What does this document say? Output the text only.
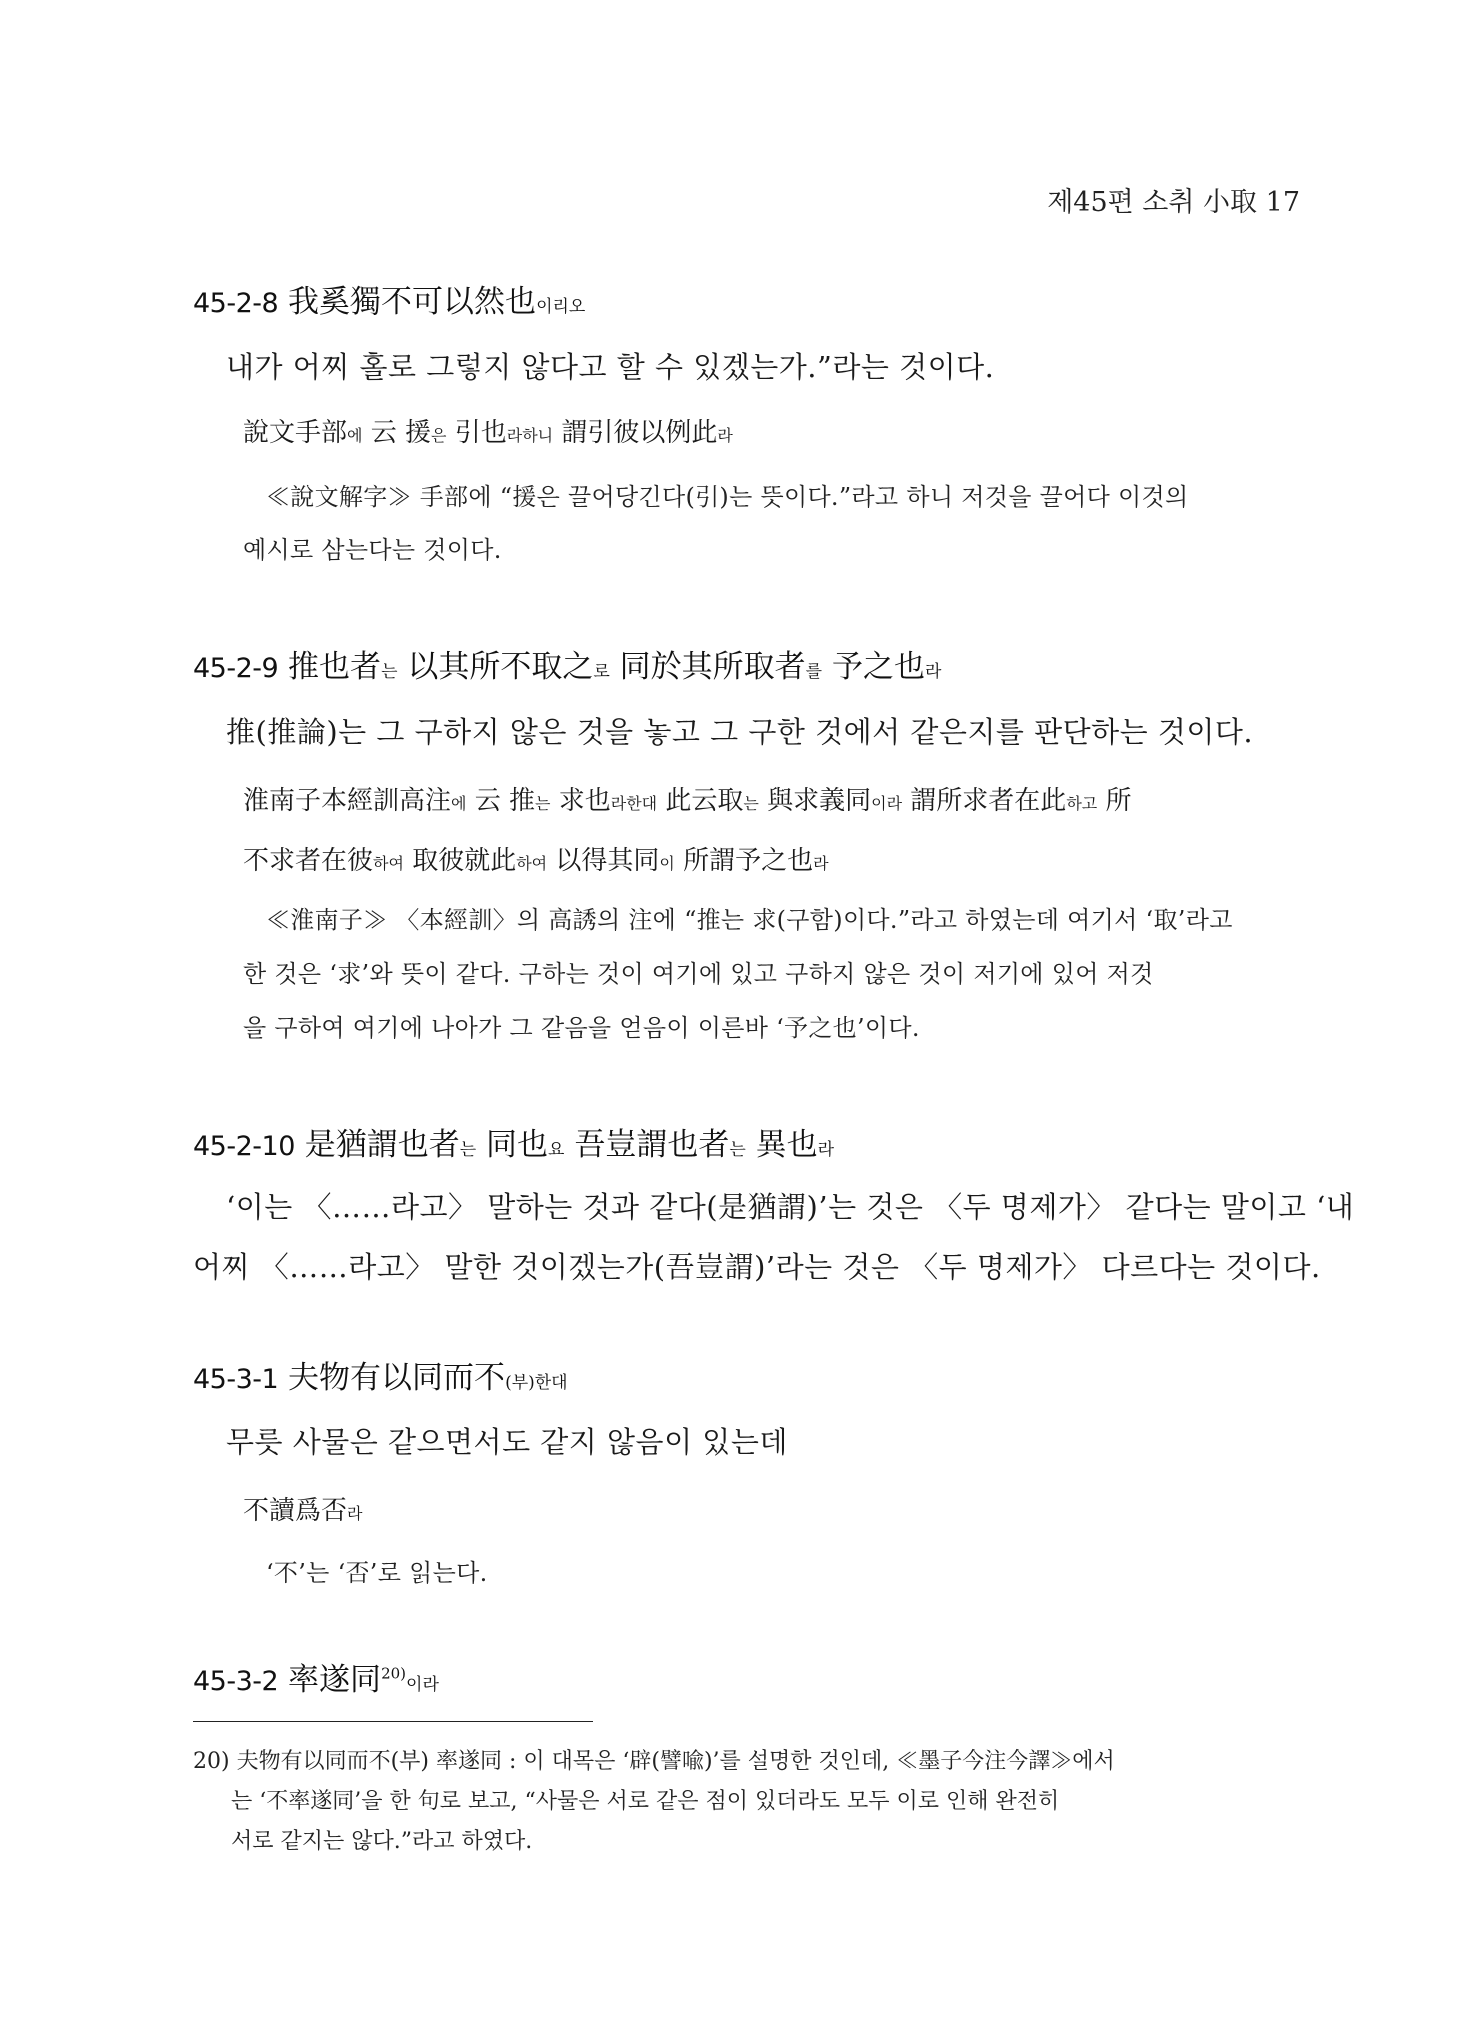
제45편 소취 小取 17
45-2-8 我奚獨不可以然也이리오
내가 어찌 홀로 그렇지 않다고 할 수 있겠는가.”라는 것이다.
說文手部에 云 援은 引也라하니 謂引彼以例此라
≪說文解字≫ 手部에 “援은 끌어당긴다(引)는 뜻이다.”라고 하니 저것을 끌어다 이것의
예시로 삼는다는 것이다.
45-2-9 推也者는 以其所不取之로 同於其所取者를 予之也라
推(推論)는 그 구하지 않은 것을 놓고 그 구한 것에서 같은지를 판단하는 것이다.
淮南子本經訓高注에 云 推는 求也라한대 此云取는 與求義同이라 謂所求者在此하고 所
不求者在彼하여 取彼就此하여 以得其同이 所謂予之也라
≪淮南子≫ 〈本經訓〉의 高誘의 注에 “推는 求(구함)이다.”라고 하였는데 여기서 ‘取’라고
한 것은 ‘求’와 뜻이 같다. 구하는 것이 여기에 있고 구하지 않은 것이 저기에 있어 저것
을 구하여 여기에 나아가 그 같음을 얻음이 이른바 ‘予之也’이다.
45-2-10 是猶謂也者는 同也요 吾豈謂也者는 異也라
‘이는 〈……라고〉 말하는 것과 같다(是猶謂)’는 것은 〈두 명제가〉 같다는 말이고 ‘내
어찌 〈……라고〉 말한 것이겠는가(吾豈謂)’라는 것은 〈두 명제가〉 다르다는 것이다.
45-3-1 夫物有以同而不(부)한대
무릇 사물은 같으면서도 같지 않음이 있는데
不讀爲否라
‘不’는 ‘否’로 읽는다.
45-3-2 率遂同$^{20)}$이라
20) 夫物有以同而不(부) 率遂同 : 이 대목은 ‘辟(譬喩)’를 설명한 것인데, ≪墨子今注今譯≫에서
는 ‘不率遂同’을 한 句로 보고, “사물은 서로 같은 점이 있더라도 모두 이로 인해 완전히
서로 같지는 않다.”라고 하였다.
